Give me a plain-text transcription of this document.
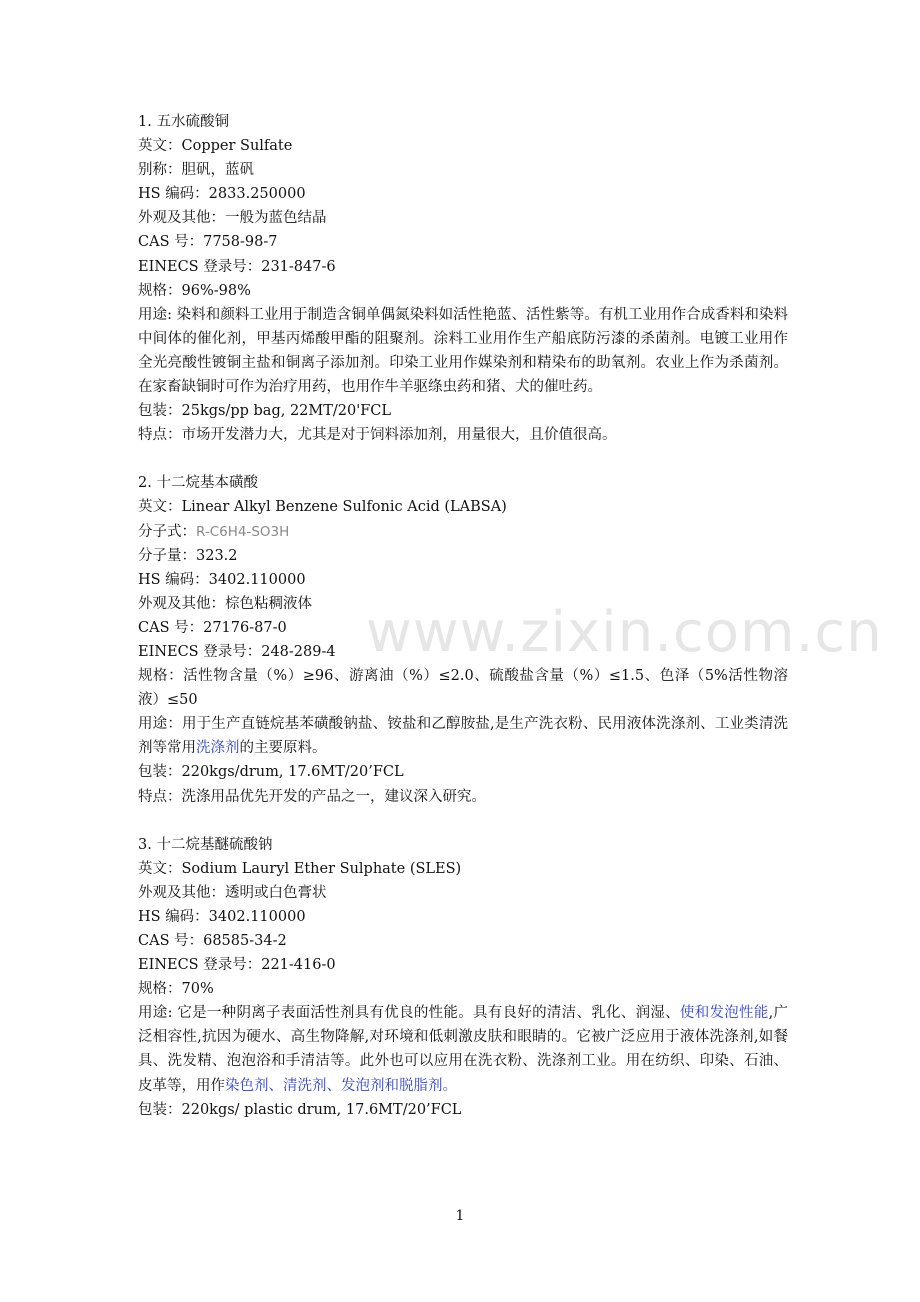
www.zixin.com.cn
1. 五水硫酸铜
英文：Copper Sulfate
别称：胆矾，蓝矾
HS 编码：2833.250000
外观及其他：一般为蓝色结晶
CAS 号：7758-98-7
EINECS 登录号：231-847-6
规格：96%-98%
用途: 染料和颜料工业用于制造含铜单偶氮染料如活性艳蓝、活性紫等。有机工业用作合成香料和染料中间体的催化剂，甲基丙烯酸甲酯的阻聚剂。涂料工业用作生产船底防污漆的杀菌剂。电镀工业用作全光亮酸性镀铜主盐和铜离子添加剂。印染工业用作媒染剂和精染布的助氧剂。农业上作为杀菌剂。在家畜缺铜时可作为治疗用药，也用作牛羊驱绦虫药和猪、犬的催吐药。
包装：25kgs/pp bag, 22MT/20'FCL
特点：市场开发潜力大，尤其是对于饲料添加剂，用量很大，且价值很高。
2. 十二烷基本磺酸
英文：Linear Alkyl Benzene Sulfonic Acid (LABSA)
分子式：R-C6H4-SO3H
分子量：323.2
HS 编码：3402.110000
外观及其他：棕色粘稠液体
CAS 号：27176-87-0
EINECS 登录号：248-289-4
规格：活性物含量（%）≥96、游离油（%）≤2.0、硫酸盐含量（%）≤1.5、色泽（5%活性物溶液）≤50
用途：用于生产直链烷基苯磺酸钠盐、铵盐和乙醇胺盐,是生产洗衣粉、民用液体洗涤剂、工业类清洗剂等常用洗涤剂的主要原料。
包装：220kgs/drum, 17.6MT/20’FCL
特点：洗涤用品优先开发的产品之一，建议深入研究。
3. 十二烷基醚硫酸钠
英文：Sodium Lauryl Ether Sulphate (SLES)
外观及其他：透明或白色膏状
HS 编码：3402.110000
CAS 号：68585-34-2
EINECS 登录号：221-416-0
规格：70%
用途: 它是一种阴离子表面活性剂具有优良的性能。具有良好的清洁、乳化、润湿、使和发泡性能,广泛相容性,抗因为硬水、高生物降解,对环境和低刺激皮肤和眼睛的。它被广泛应用于液体洗涤剂,如餐具、洗发精、泡泡浴和手清洁等。此外也可以应用在洗衣粉、洗涤剂工业。用在纺织、印染、石油、皮革等，用作染色剂、清洗剂、发泡剂和脱脂剂。
包装：220kgs/ plastic drum, 17.6MT/20’FCL
1
